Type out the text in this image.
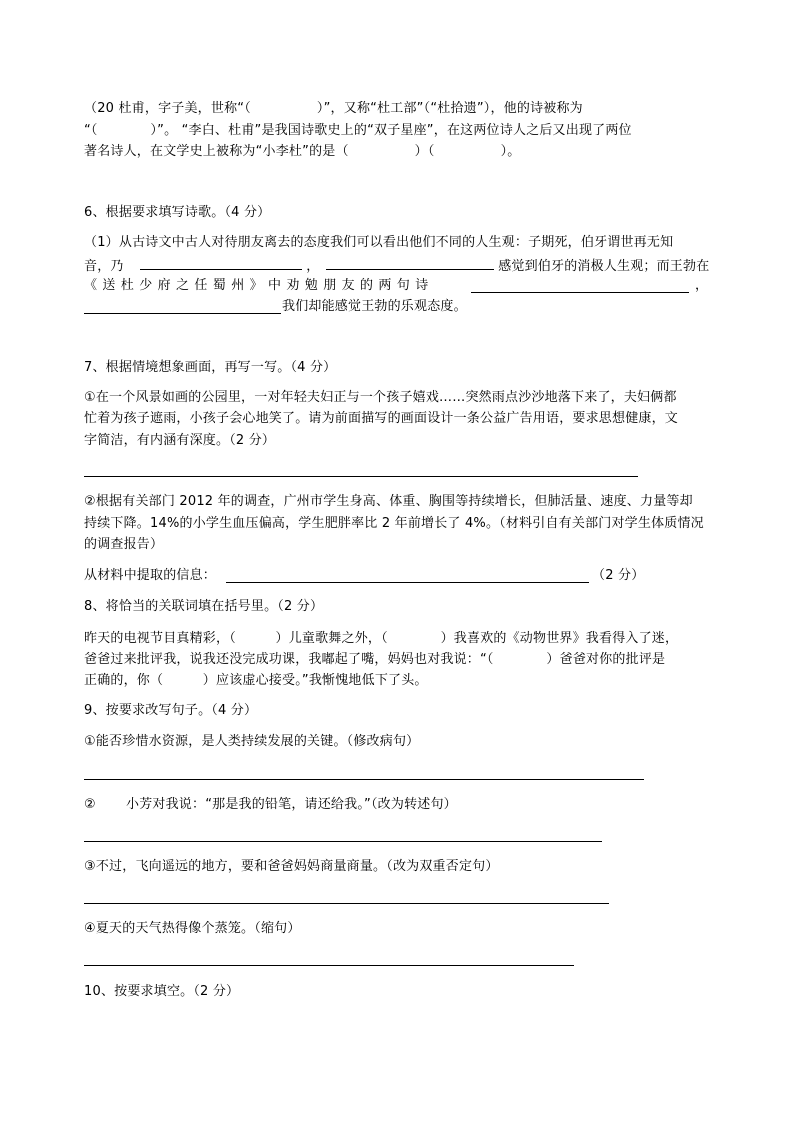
（20 杜甫，字子美，世称“（　　　　　）”，又称“杜工部”（“杜拾遗”），他的诗被称为
“（　　　　）”。 “李白、杜甫”是我国诗歌史上的“双子星座”，在这两位诗人之后又出现了两位
著名诗人，在文学史上被称为“小李杜”的是（　　　　　）（　　　　　）。
6、根据要求填写诗歌。（4 分）
（1）从古诗文中古人对待朋友离去的态度我们可以看出他们不同的人生观：子期死，伯牙谓世再无知
音，乃	，	感觉到伯牙的消极人生观；而王勃在
《送杜少府之任蜀州》中劝勉朋友的两句诗	，
我们却能感觉王勃的乐观态度。
7、根据情境想象画面，再写一写。（4 分）
①在一个风景如画的公园里，一对年轻夫妇正与一个孩子嬉戏……突然雨点沙沙地落下来了，夫妇俩都
忙着为孩子遮雨，小孩子会心地笑了。请为前面描写的画面设计一条公益广告用语，要求思想健康，文
字简洁，有内涵有深度。（2 分）
②根据有关部门 2012 年的调查，广州市学生身高、体重、胸围等持续增长，但肺活量、速度、力量等却
持续下降。14%的小学生血压偏高，学生肥胖率比 2 年前增长了 4%。（材料引自有关部门对学生体质情况
的调查报告）
从材料中提取的信息：	（2 分）
8、将恰当的关联词填在括号里。（2 分）
昨天的电视节目真精彩，（　　　）儿童歌舞之外，（　　　　）我喜欢的《动物世界》我看得入了迷，
爸爸过来批评我，说我还没完成功课，我嘟起了嘴，妈妈也对我说：“（　　　　）爸爸对你的批评是
正确的，你（　　　）应该虚心接受。”我惭愧地低下了头。
9、按要求改写句子。（4 分）
①能否珍惜水资源，是人类持续发展的关键。（修改病句）
② 小芳对我说：“那是我的铅笔，请还给我。”（改为转述句）
③不过，飞向遥远的地方，要和爸爸妈妈商量商量。（改为双重否定句）
④夏天的天气热得像个蒸笼。（缩句）
10、按要求填空。（2 分）
